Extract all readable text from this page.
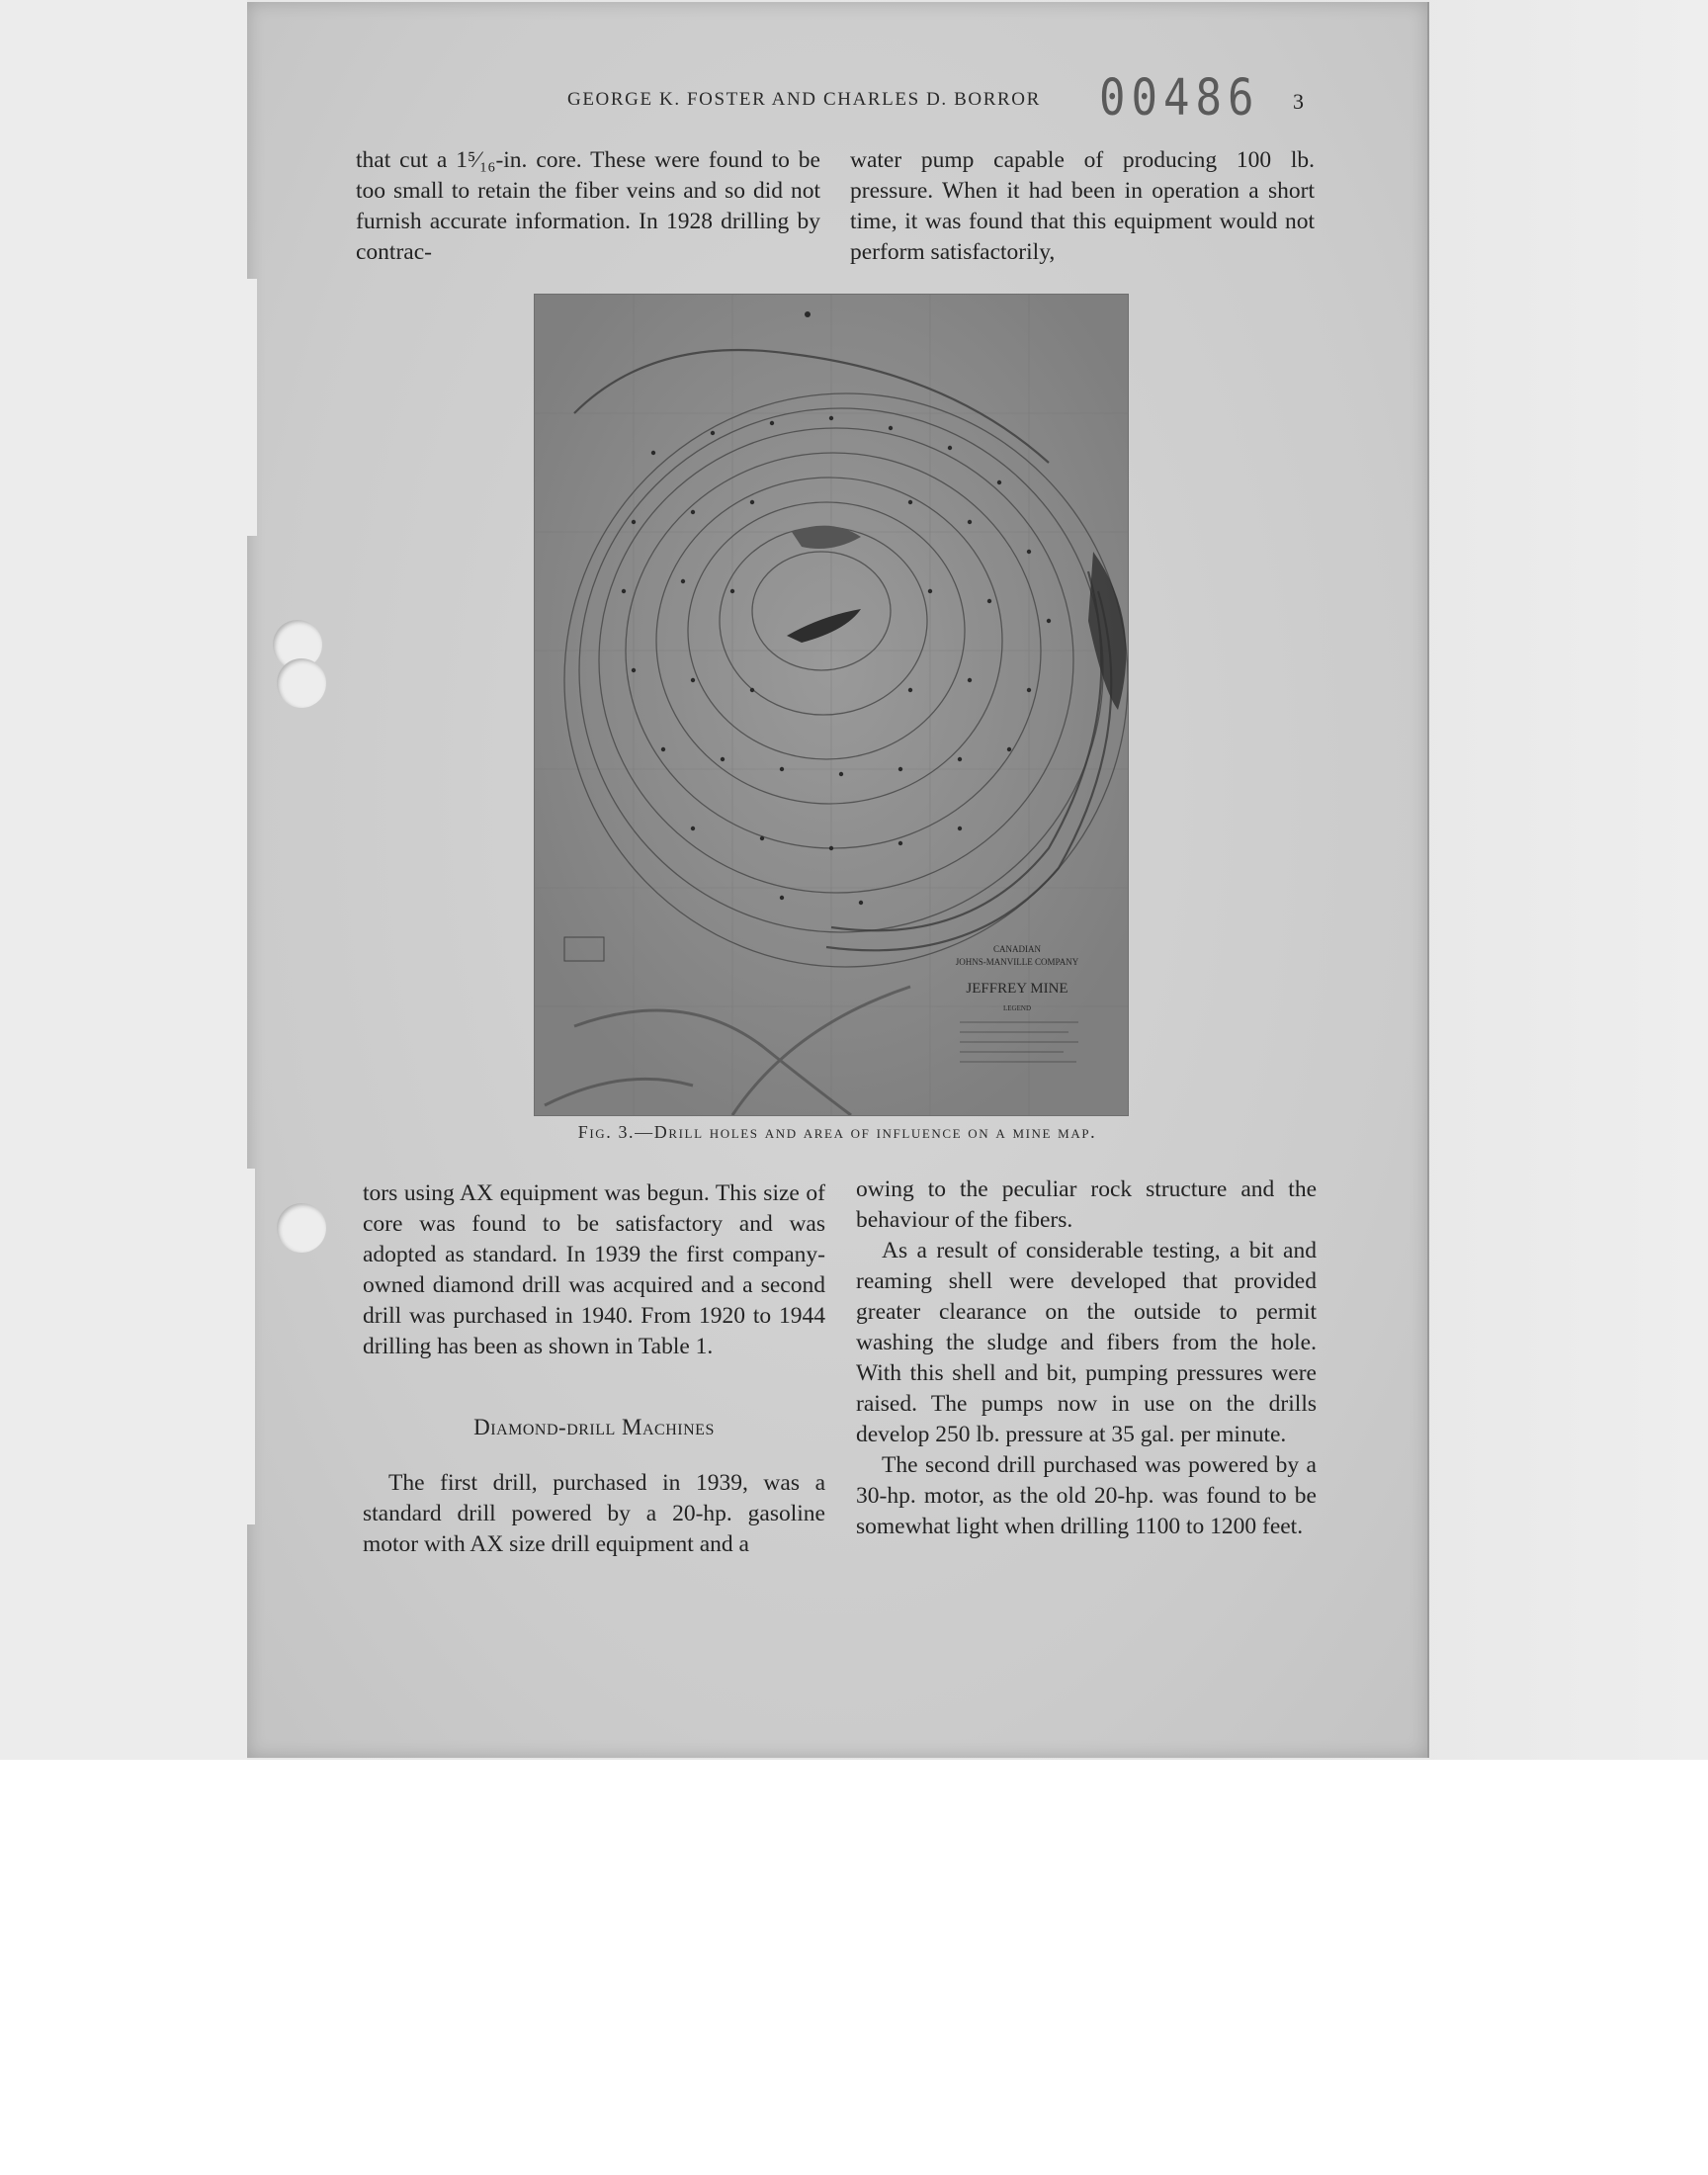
GEORGE K. FOSTER AND CHARLES D. BORROR 00486 3

that cut a 1⁵⁄₁₆-in. core. These were found to be too small to retain the fiber veins and so did not furnish accurate information. In 1928 drilling by contrac-

water pump capable of producing 100 lb. pressure. When it had been in operation a short time, it was found that this equipment would not perform satisfactorily,

CANADIAN
JOHNS-MANVILLE COMPANY
JEFFREY MINE
LEGEND
Fig. 3.—Drill holes and area of influence on a mine map.

tors using AX equipment was begun. This size of core was found to be satisfactory and was adopted as standard. In 1939 the first company-owned diamond drill was acquired and a second drill was purchased in 1940. From 1920 to 1944 drilling has been as shown in Table 1.

Diamond-drill Machines

The first drill, purchased in 1939, was a standard drill powered by a 20-hp. gasoline motor with AX size drill equipment and a

owing to the peculiar rock structure and the behaviour of the fibers.

As a result of considerable testing, a bit and reaming shell were developed that provided greater clearance on the outside to permit washing the sludge and fibers from the hole. With this shell and bit, pumping pressures were raised. The pumps now in use on the drills develop 250 lb. pressure at 35 gal. per minute.

The second drill purchased was powered by a 30-hp. motor, as the old 20-hp. was found to be somewhat light when drilling 1100 to 1200 feet.
